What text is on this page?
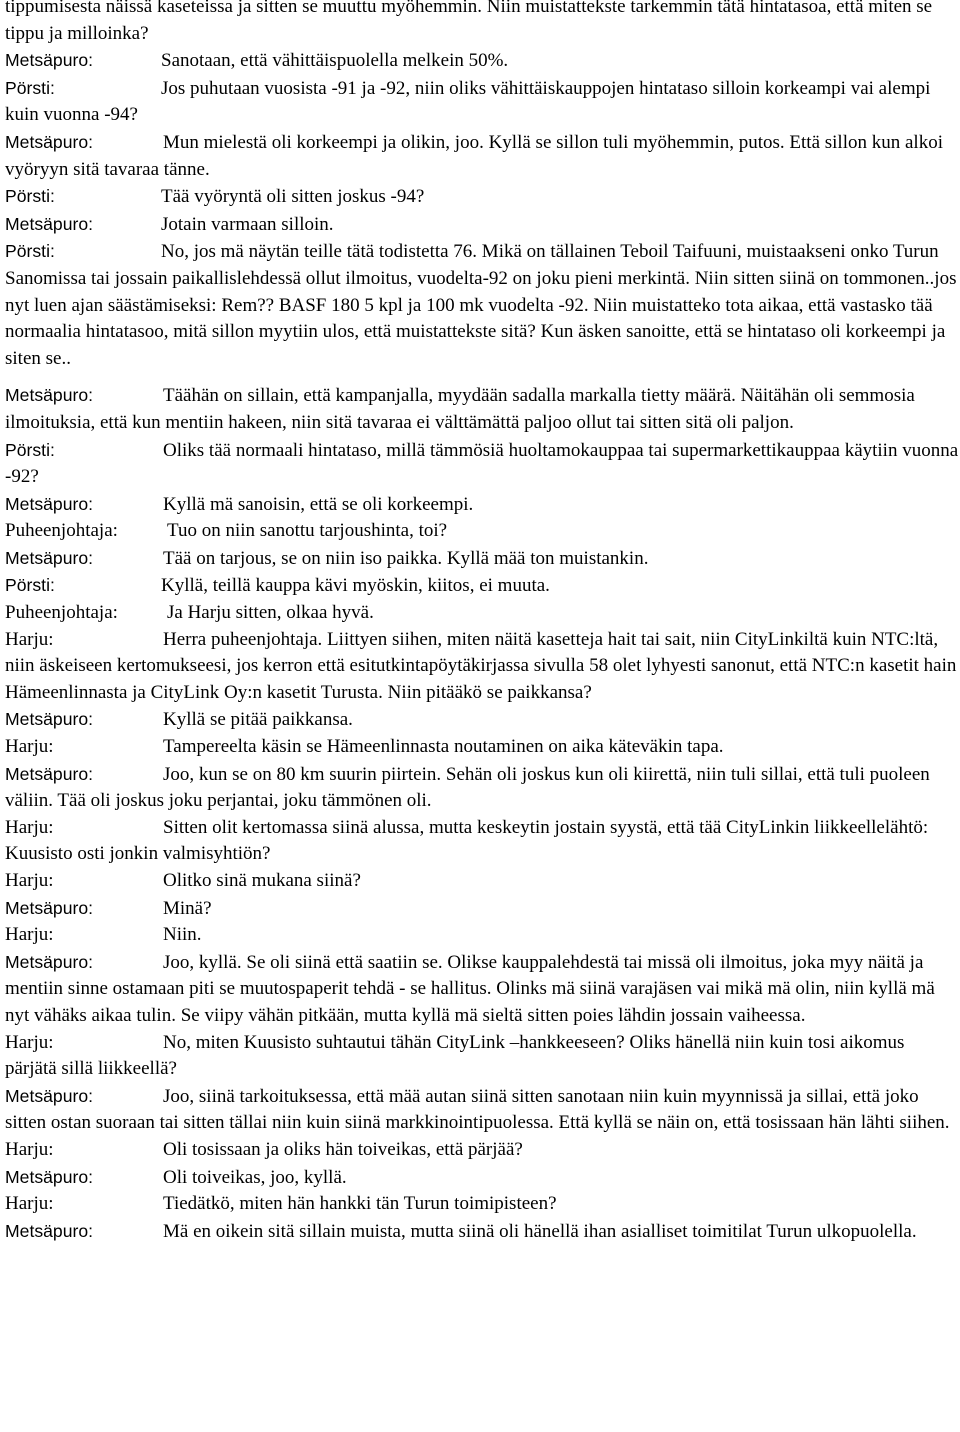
tippumisesta näissä kaseteissa ja sitten se muuttu myöhemmin. Niin muistattekste tarkemmin tätä hintatasoa, että miten se tippu ja milloinka?

Metsäpuro:	Sanotaan, että vähittäispuolella melkein 50%.

Pörsti:	Jos puhutaan vuosista -91 ja -92, niin oliks vähittäiskauppojen hintataso silloin korkeampi vai alempi kuin vuonna -94?

Metsäpuro:	Mun mielestä oli korkeempi ja olikin, joo. Kyllä se sillon tuli myöhemmin, putos. Että sillon kun alkoi vyöryyn sitä tavaraa tänne.

Pörsti:	Tää vyöryntä oli sitten joskus -94?

Metsäpuro:	Jotain varmaan silloin.

Pörsti:	No, jos mä näytän teille tätä todistetta 76. Mikä on tällainen Teboil Taifuuni, muistaakseni onko Turun Sanomissa tai jossain paikallislehdessä ollut ilmoitus, vuodelta-92 on joku pieni merkintä. Niin sitten siinä on tommonen..jos nyt luen ajan säästämiseksi: Rem?? BASF 180 5 kpl ja 100 mk vuodelta -92. Niin muistatteko tota aikaa, että vastasko tää normaalia hintatasoo, mitä sillon myytiin ulos, että muistattekste sitä? Kun äsken sanoitte, että se hintataso oli korkeempi ja siten se..

Metsäpuro:	Täähän on sillain, että kampanjalla, myydään sadalla markalla tietty määrä. Näitähän oli semmosia ilmoituksia, että kun mentiin hakeen, niin sitä tavaraa ei välttämättä paljoo ollut tai sitten sitä oli paljon.

Pörsti:	Oliks tää normaali hintataso, millä tämmösiä huoltamokauppaa tai supermarkettikauppaa käytiin vuonna -92?

Metsäpuro:	Kyllä mä sanoisin, että se oli korkeempi.

Puheenjohtaja:	Tuo on niin sanottu tarjoushinta, toi?

Metsäpuro:	Tää on tarjous, se on niin iso paikka. Kyllä mää ton muistankin.

Pörsti:	Kyllä, teillä kauppa kävi myöskin, kiitos, ei muuta.

Puheenjohtaja:	Ja Harju sitten, olkaa hyvä.

Harju:	Herra puheenjohtaja. Liittyen siihen, miten näitä kasetteja hait tai sait, niin CityLinkiltä kuin NTC:ltä, niin äskeiseen kertomukseesi, jos kerron että esitutkintapöytäkirjassa sivulla 58 olet lyhyesti sanonut, että NTC:n kasetit hain Hämeenlinnasta ja CityLink Oy:n kasetit Turusta. Niin pitääkö se paikkansa?

Metsäpuro:	Kyllä se pitää paikkansa.

Harju:	Tampereelta käsin se Hämeenlinnasta noutaminen on aika käteväkin tapa.

Metsäpuro:	Joo, kun se on 80 km suurin piirtein. Sehän oli joskus kun oli kiirettä, niin tuli sillai, että tuli puoleen väliin. Tää oli joskus joku perjantai, joku tämmönen oli.

Harju:	Sitten olit kertomassa siinä alussa, mutta keskeytin jostain syystä, että tää CityLinkin liikkeellelähtö: Kuusisto osti jonkin valmisyhtiön?

Harju:	Olitko sinä mukana siinä?

Metsäpuro:	Minä?

Harju:	Niin.

Metsäpuro:	Joo, kyllä. Se oli siinä että saatiin se. Olikse kauppalehdestä tai missä oli ilmoitus, joka myy näitä ja mentiin sinne ostamaan piti se muutospaperit tehdä - se hallitus. Olinks mä siinä varajäsen vai mikä mä olin, niin kyllä mä nyt vähäks aikaa tulin. Se viipy vähän pitkään, mutta kyllä mä sieltä sitten poies lähdin jossain vaiheessa.

Harju:	No, miten Kuusisto suhtautui tähän CityLink –hankkeeseen? Oliks hänellä niin kuin tosi aikomus pärjätä sillä liikkeellä?

Metsäpuro:	Joo, siinä tarkoituksessa, että mää autan siinä sitten sanotaan niin kuin myynnissä ja sillai, että joko sitten ostan suoraan tai sitten tällai niin kuin siinä markkinointipuolessa. Että kyllä se näin on, että tosissaan hän lähti siihen.

Harju:	Oli tosissaan ja oliks hän toiveikas, että pärjää?

Metsäpuro:	Oli toiveikas, joo, kyllä.

Harju:	Tiedätkö, miten hän hankki tän Turun toimipisteen?

Metsäpuro:	Mä en oikein sitä sillain muista, mutta siinä oli hänellä ihan asialliset toimitilat Turun ulkopuolella.
